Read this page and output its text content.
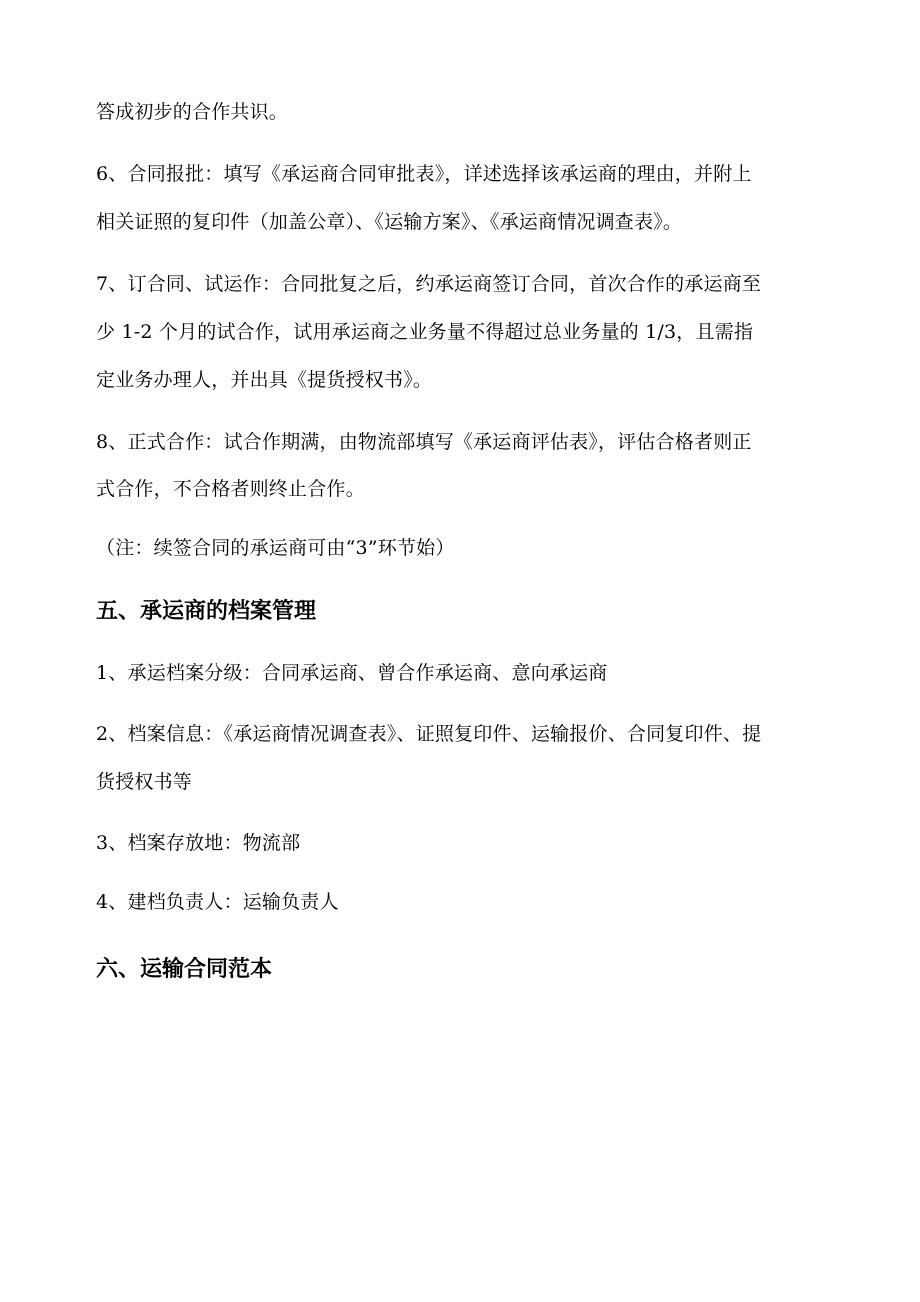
答成初步的合作共识。
6、合同报批：填写《承运商合同审批表》，详述选择该承运商的理由，并附上
相关证照的复印件（加盖公章）、《运输方案》、《承运商情况调查表》。
7、订合同、试运作：合同批复之后，约承运商签订合同，首次合作的承运商至
少 1-2 个月的试合作，试用承运商之业务量不得超过总业务量的 1/3，且需指
定业务办理人，并出具《提货授权书》。
8、正式合作：试合作期满，由物流部填写《承运商评估表》，评估合格者则正
式合作，不合格者则终止合作。
（注：续签合同的承运商可由“3”环节始）
五、承运商的档案管理
1、承运档案分级：合同承运商、曾合作承运商、意向承运商
2、档案信息：《承运商情况调查表》、证照复印件、运输报价、合同复印件、提
货授权书等
3、档案存放地：物流部
4、建档负责人：运输负责人
六、运输合同范本
